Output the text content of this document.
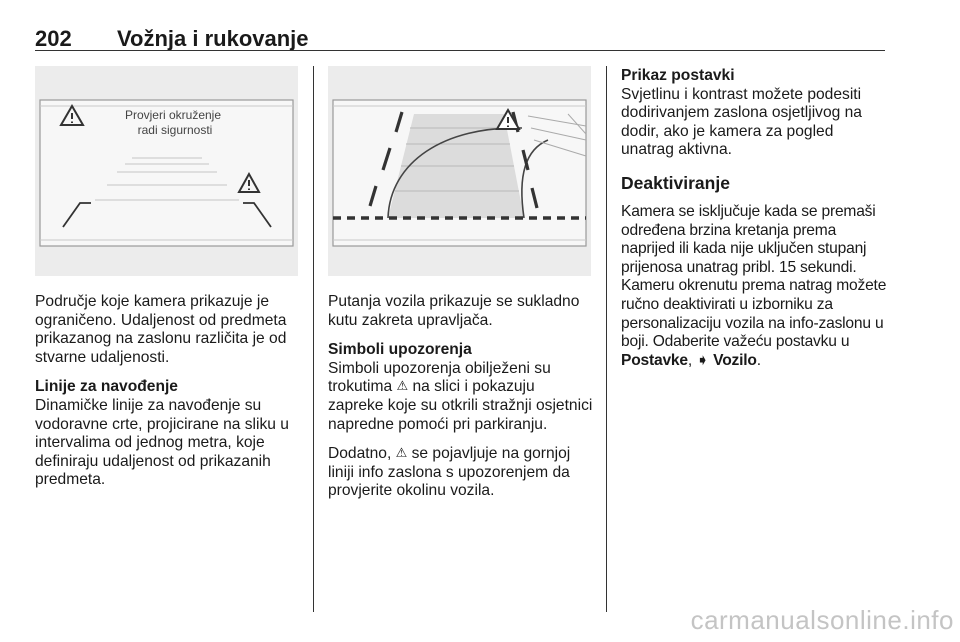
202 Vožnja i rukovanje
Provjeri okruženje
radi sigurnosti

Područje koje kamera prikazuje je ograničeno. Udaljenost od predmeta prikazanog na zaslonu različita je od stvarne udaljenosti.

Linije za navođenje
Dinamičke linije za navođenje su vodoravne crte, projicirane na sliku u intervalima od jednog metra, koje definiraju udaljenost od prikazanih predmeta.

Putanja vozila prikazuje se sukladno kutu zakreta upravljača.

Simboli upozorenja
Simboli upozorenja obilježeni su trokutima ⚠ na slici i pokazuju zapreke koje su otkrili stražnji osjetnici napredne pomoći pri parkiranju.

Dodatno, ⚠ se pojavljuje na gornjoj liniji info zaslona s upozorenjem da provjerite okolinu vozila.

Prikaz postavki
Svjetlinu i kontrast možete podesiti dodirivanjem zaslona osjetljivog na dodir, ako je kamera za pogled unatrag aktivna.

Deaktiviranje

Kamera se isključuje kada se premaši određena brzina kretanja prema naprijed ili kada nije uključen stupanj prijenosa unatrag pribl. 15 sekundi. Kameru okrenutu prema natrag možete ručno deaktivirati u izborniku za personalizaciju vozila na info-zaslonu u boji. Odaberite važeću postavku u Postavke, ➧ Vozilo.

carmanualsonline.info
